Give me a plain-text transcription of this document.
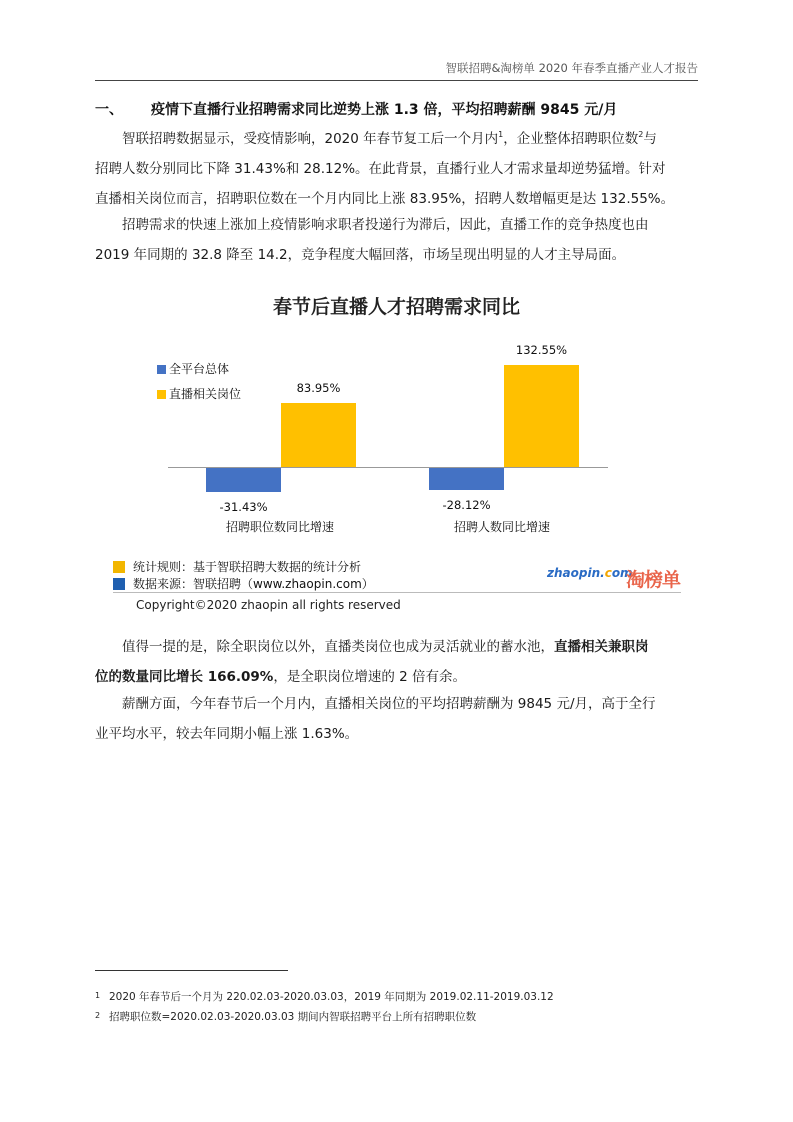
智联招聘&淘榜单 2020 年春季直播产业人才报告
一、 疫情下直播行业招聘需求同比逆势上涨 1.3 倍，平均招聘薪酬 9845 元/月
智联招聘数据显示，受疫情影响，2020 年春节复工后一个月内$^1$，企业整体招聘职位数$^2$与
招聘人数分别同比下降 31.43%和 28.12%。在此背景，直播行业人才需求量却逆势猛增。针对
直播相关岗位而言，招聘职位数在一个月内同比上涨 83.95%，招聘人数增幅更是达 132.55%。
招聘需求的快速上涨加上疫情影响求职者投递行为滞后，因此，直播工作的竞争热度也由
2019 年同期的 32.8 降至 14.2，竞争程度大幅回落，市场呈现出明显的人才主导局面。
春节后直播人才招聘需求同比
全平台总体
直播相关岗位
-31.43%
83.95%
-28.12%
132.55%
招聘职位数同比增速	招聘人数同比增速
统计规则：基于智联招聘大数据的统计分析
数据来源：智联招聘（www.zhaopin.com）
zhaopin.com
淘榜单
Copyright©2020 zhaopin all rights reserved
值得一提的是，除全职岗位以外，直播类岗位也成为灵活就业的蓄水池，直播相关兼职岗
位的数量同比增长 166.09%，是全职岗位增速的 2 倍有余。
薪酬方面，今年春节后一个月内，直播相关岗位的平均招聘薪酬为 9845 元/月，高于全行
业平均水平，较去年同期小幅上涨 1.63%。
1 2020 年春节后一个月为 220.02.03-2020.03.03，2019 年同期为 2019.02.11-2019.03.12
2 招聘职位数=2020.02.03-2020.03.03 期间内智联招聘平台上所有招聘职位数
